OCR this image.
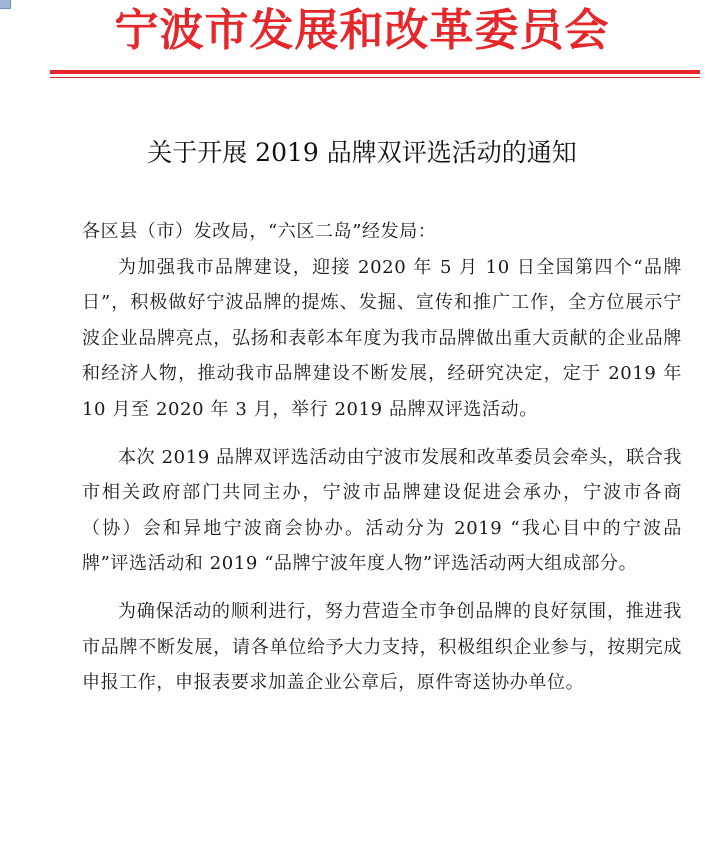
宁波市发展和改革委员会
关于开展 2019 品牌双评选活动的通知

各区县（市）发改局，“六区二岛”经发局：

为加强我市品牌建设，迎接 2020 年 5 月 10 日全国第四个“品牌日”，积极做好宁波品牌的提炼、发掘、宣传和推广工作，全方位展示宁波企业品牌亮点，弘扬和表彰本年度为我市品牌做出重大贡献的企业品牌和经济人物，推动我市品牌建设不断发展，经研究决定，定于 2019 年 10 月至 2020 年 3 月，举行 2019 品牌双评选活动。

本次 2019 品牌双评选活动由宁波市发展和改革委员会牵头，联合我市相关政府部门共同主办，宁波市品牌建设促进会承办，宁波市各商（协）会和异地宁波商会协办。活动分为 2019 “我心目中的宁波品牌”评选活动和 2019 “品牌宁波年度人物”评选活动两大组成部分。

为确保活动的顺利进行，努力营造全市争创品牌的良好氛围，推进我市品牌不断发展，请各单位给予大力支持，积极组织企业参与，按期完成申报工作，申报表要求加盖企业公章后，原件寄送协办单位。
